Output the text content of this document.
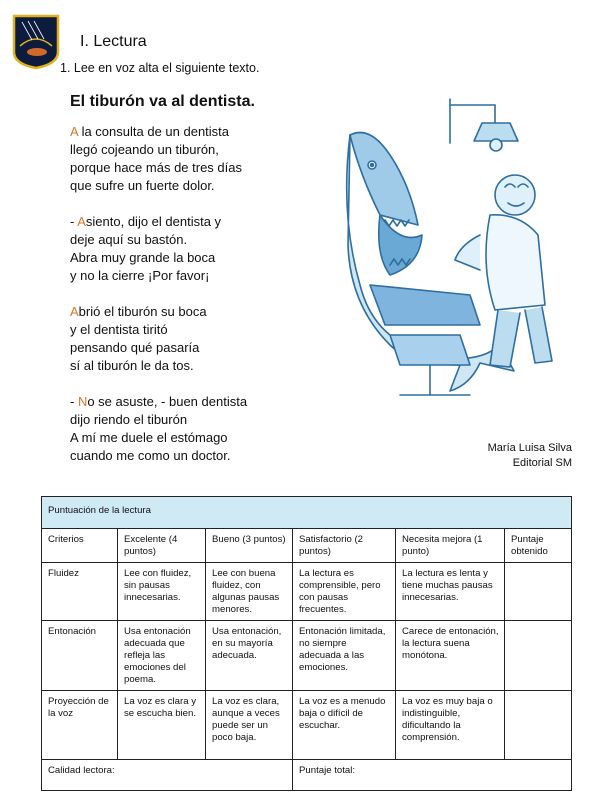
I. Lectura
1. Lee en voz alta el siguiente texto.
El tiburón va al dentista.
A la consulta de un dentista
llegó cojeando un tiburón,
porque hace más de tres días
que sufre un fuerte dolor.
- Asiento, dijo el dentista y
deje aquí su bastón.
Abra muy grande la boca
y no la cierre ¡Por favor¡
Abrió el tiburón su boca
y el dentista tiritó
pensando qué pasaría
sí al tiburón le da tos.
- No se asuste, - buen dentista
dijo riendo el tiburón
A mí me duele el estómago
cuando me como un doctor.	María Luisa Silva
Editorial SM
Puntuación de la lectura					
Criterios	Excelente (4 puntos)	Bueno (3 puntos)	Satisfactorio (2 puntos)	Necesita mejora (1 punto)	Puntaje obtenido
Fluidez	Lee con fluidez, sin pausas innecesarias.	Lee con buena fluidez, con algunas pausas menores.	La lectura es comprensible, pero con pausas frecuentes.	La lectura es lenta y tiene muchas pausas innecesarias.	
Entonación	Usa entonación adecuada que refleja las emociones del poema.	Usa entonación, en su mayoría adecuada.	Entonación limitada, no siempre adecuada a las emociones.	Carece de entonación, la lectura suena monótona.	
Proyección de la voz	La voz es clara y se escucha bien.	La voz es clara, aunque a veces puede ser un poco baja.	La voz es a menudo baja o difícil de escuchar.	La voz es muy baja o indistinguible, dificultando la comprensión.	
Calidad lectora:			Puntaje total:		
